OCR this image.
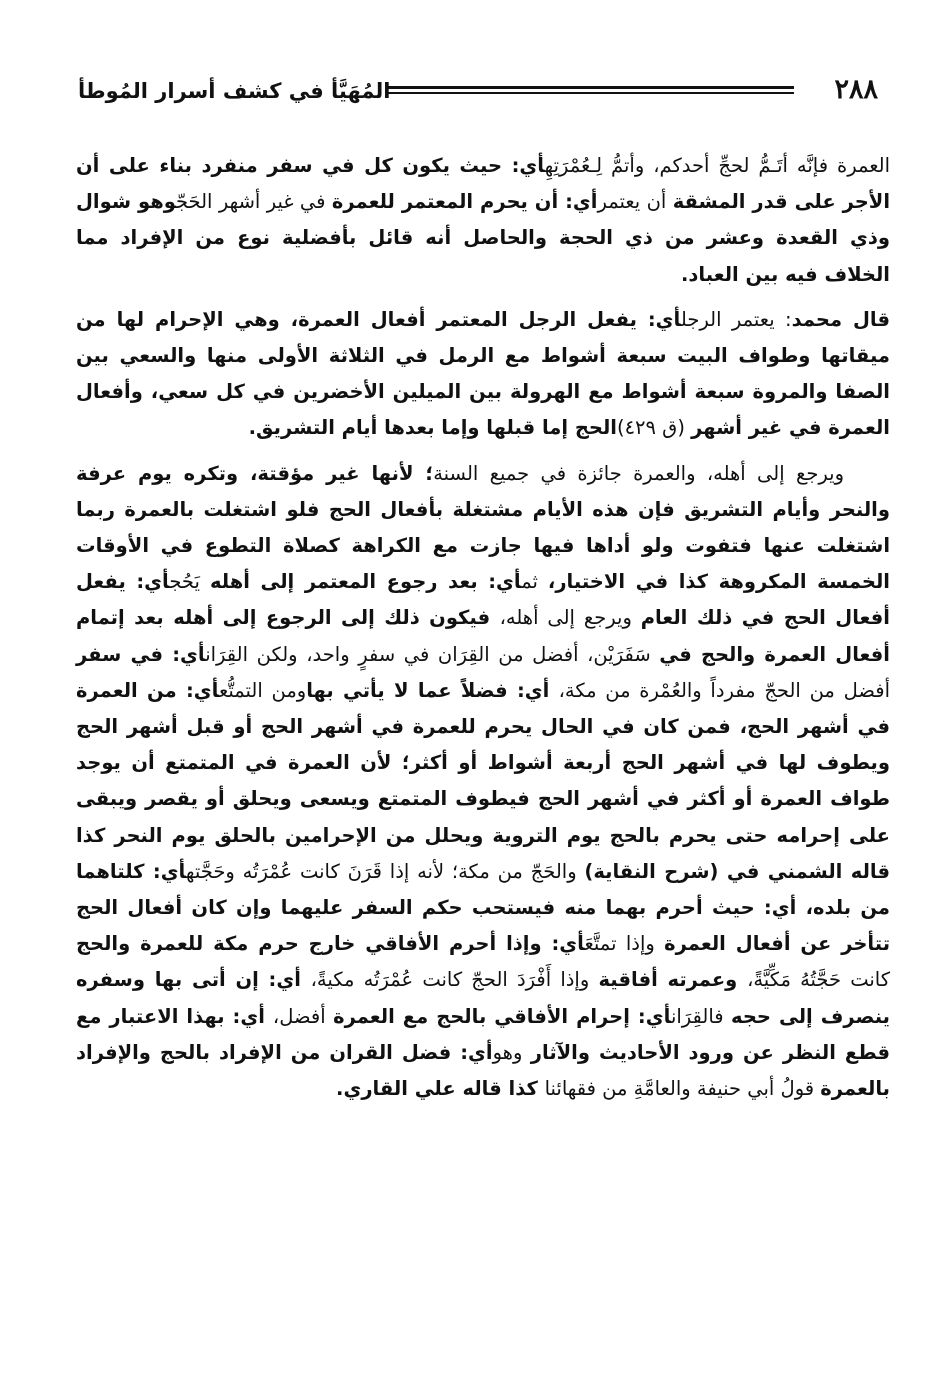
٢٨٨
المُهَيَّأ في كشف أسرار المُوطأ

العمرة فإنَّه أتَـمُّ لحجِّ أحدكم، وأتمُّ لِـعُمْرَتِهِأي: حيث يكون كل في سفر منفرد بناء على أن الأجر على قدر المشقة أن يعتمرأي: أن يحرم المعتمر للعمرة في غير أشهر الحَجّوهو شوال وذي القعدة وعشر من ذي الحجة والحاصل أنه قائل بأفضلية نوع من الإفراد مما الخلاف فيه بين العباد.

قال محمد: يعتمر الرجلأي: يفعل الرجل المعتمر أفعال العمرة، وهي الإحرام لها من ميقاتها وطواف البيت سبعة أشواط مع الرمل في الثلاثة الأولى منها والسعي بين الصفا والمروة سبعة أشواط مع الهرولة بين الميلين الأخضرين في كل سعي، وأفعال العمرة في غير أشهر (ق ٤٢٩)الحج إما قبلها وإما بعدها أيام التشريق.

ويرجع إلى أهله، والعمرة جائزة في جميع السنة؛ لأنها غير مؤقتة، وتكره يوم عرفة والنحر وأيام التشريق فإن هذه الأيام مشتغلة بأفعال الحج فلو اشتغلت بالعمرة ربما اشتغلت عنها فتفوت ولو أداها فيها جازت مع الكراهة كصلاة التطوع في الأوقات الخمسة المكروهة كذا في الاختيار، ثمأي: بعد رجوع المعتمر إلى أهله يَحُجأي: يفعل أفعال الحج في ذلك العام ويرجع إلى أهله، فيكون ذلك إلى الرجوع إلى أهله بعد إتمام أفعال العمرة والحج في سَفَرَيْن، أفضل من القِرَان في سفرٍ واحد، ولكن القِرَانأي: في سفر أفضل من الحجّ مفرداً والعُمْرة من مكة، أي: فضلاً عما لا يأتي بهاومن التمتُّعأي: من العمرة في أشهر الحج، فمن كان في الحال يحرم للعمرة في أشهر الحج أو قبل أشهر الحج ويطوف لها في أشهر الحج أربعة أشواط أو أكثر؛ لأن العمرة في المتمتع أن يوجد طواف العمرة أو أكثر في أشهر الحج فيطوف المتمتع ويسعى ويحلق أو يقصر ويبقى على إحرامه حتى يحرم بالحج يوم التروية ويحلل من الإحرامين بالحلق يوم النحر كذا قاله الشمني في (شرح النقاية) والحَجّ من مكة؛ لأنه إذا قَرَنَ كانت عُمْرَتُه وحَجَّتهأي: كلتاهما من بلده، أي: حيث أحرم بهما منه فيستحب حكم السفر عليهما وإن كان أفعال الحج تتأخر عن أفعال العمرة وإذا تمتَّعَأي: وإذا أحرم الأفاقي خارج حرم مكة للعمرة والحج كانت حَجَّتُهُ مَكِّيَّةً، وعمرته أفاقية وإذا أَفْرَدَ الحجّ كانت عُمْرَتُه مكيةً، أي: إن أتى بها وسفره ينصرف إلى حجه فالقِرَانأي: إحرام الأفاقي بالحج مع العمرة أفضل، أي: بهذا الاعتبار مع قطع النظر عن ورود الأحاديث والآثار وهوأي: فضل القران من الإفراد بالحج والإفراد بالعمرة قولُ أبي حنيفة والعامَّةِ من فقهائنا كذا قاله علي القاري.
